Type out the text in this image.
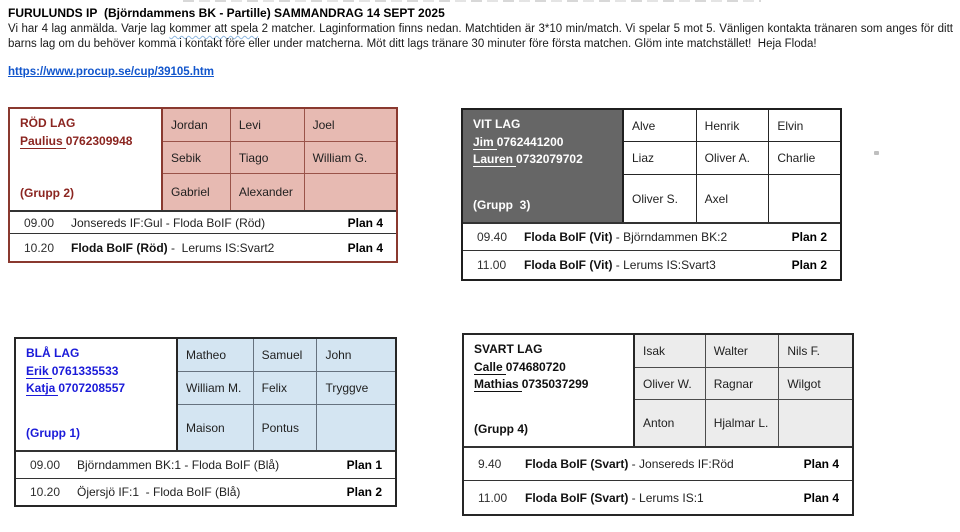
FURULUNDS IP  (Björndammens BK - Partille) SAMMANDRAG 14 SEPT 2025
Vi har 4 lag anmälda. Varje lag kommer att spela 2 matcher. Laginformation finns nedan. Matchtiden är 3*10 min/match. Vi spelar 5 mot 5. Vänligen kontakta tränaren som anges för ditt barns lag om du behöver komma i kontakt före eller under matcherna. Möt ditt lags tränare 30 minuter före första matchen. Glöm inte matchstället!  Heja Floda!
https://www.procup.se/cup/39105.htm
RÖD LAG
Paulius 0762309948
(Grupp 2)
Jordan	Levi	Joel
Sebik	Tiago	William G.
Gabriel	Alexander
09.00	Jonsereds IF:Gul - Floda BoIF (Röd)	Plan 4
10.20	Floda BoIF (Röd) -  Lerums IS:Svart2	Plan 4
VIT LAG
Jim 0762441200
Lauren 0732079702
(Grupp  3)
Alve	Henrik	Elvin
Liaz	Oliver A.	Charlie
Oliver S.	Axel
09.40	Floda BoIF (Vit) - Björndammen BK:2	Plan 2
11.00	Floda BoIF (Vit) - Lerums IS:Svart3	Plan 2
BLÅ LAG
Erik 0761335533
Katja 0707208557
(Grupp 1)
Matheo	Samuel	John
William M.	Felix	Tryggve
Maison	Pontus
09.00	Björndammen BK:1 - Floda BoIF (Blå)	Plan 1
10.20	Öjersjö IF:1  - Floda BoIF (Blå)	Plan 2
SVART LAG
Calle 074680720
Mathias 0735037299
(Grupp 4)
Isak	Walter	Nils F.
Oliver W.	Ragnar	Wilgot
Anton	Hjalmar L.
9.40	Floda BoIF (Svart) - Jonsereds IF:Röd	Plan 4
11.00	Floda BoIF (Svart) - Lerums IS:1	Plan 4
